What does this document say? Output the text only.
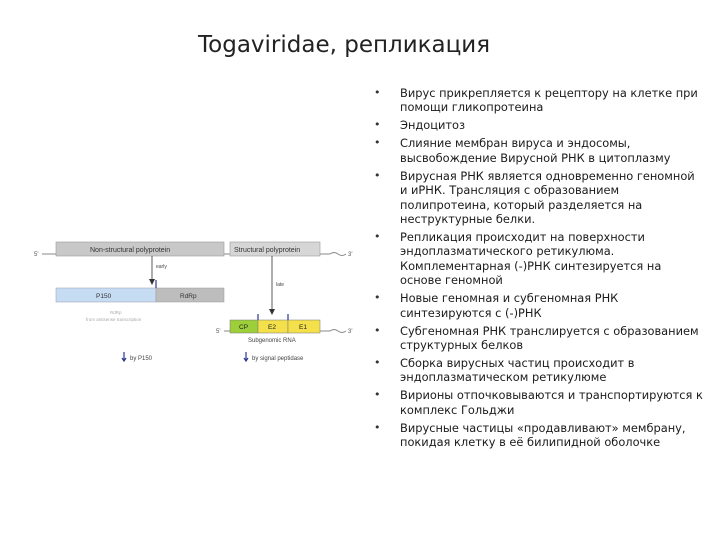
Togaviridae, репликация
5'	3'
Non-structural polyprotein	Structural polyprotein
early
P150	RdRp
RdRp
from antisense transcription
late
5'	3'
CP	E2	E1
Subgenomic RNA
by P150	by signal peptidase
• Вирус прикрепляется к рецептору на клетке при помощи гликопротеина
• Эндоцитоз
• Слияние мембран вируса и эндосомы, высвобождение Вирусной РНК в цитоплазму
• Вирусная РНК является одновременно геномной и иРНК. Трансляция с образованием полипротеина, который разделяется на неструктурные белки.
• Репликация происходит на поверхности эндоплазматического ретикулюма. Комплементарная (-)РНК синтезируется на основе геномной
• Новые геномная и субгеномная РНК синтезируются с (-)РНК
• Субгеномная РНК транслируется с образованием структурных белков
• Сборка вирусных частиц происходит в эндоплазматическом ретикулюме
• Вирионы отпочковываются и транспортируются к комплекс Гольджи
• Вирусные частицы «продавливают» мембрану, покидая клетку в её билипидной оболочке
